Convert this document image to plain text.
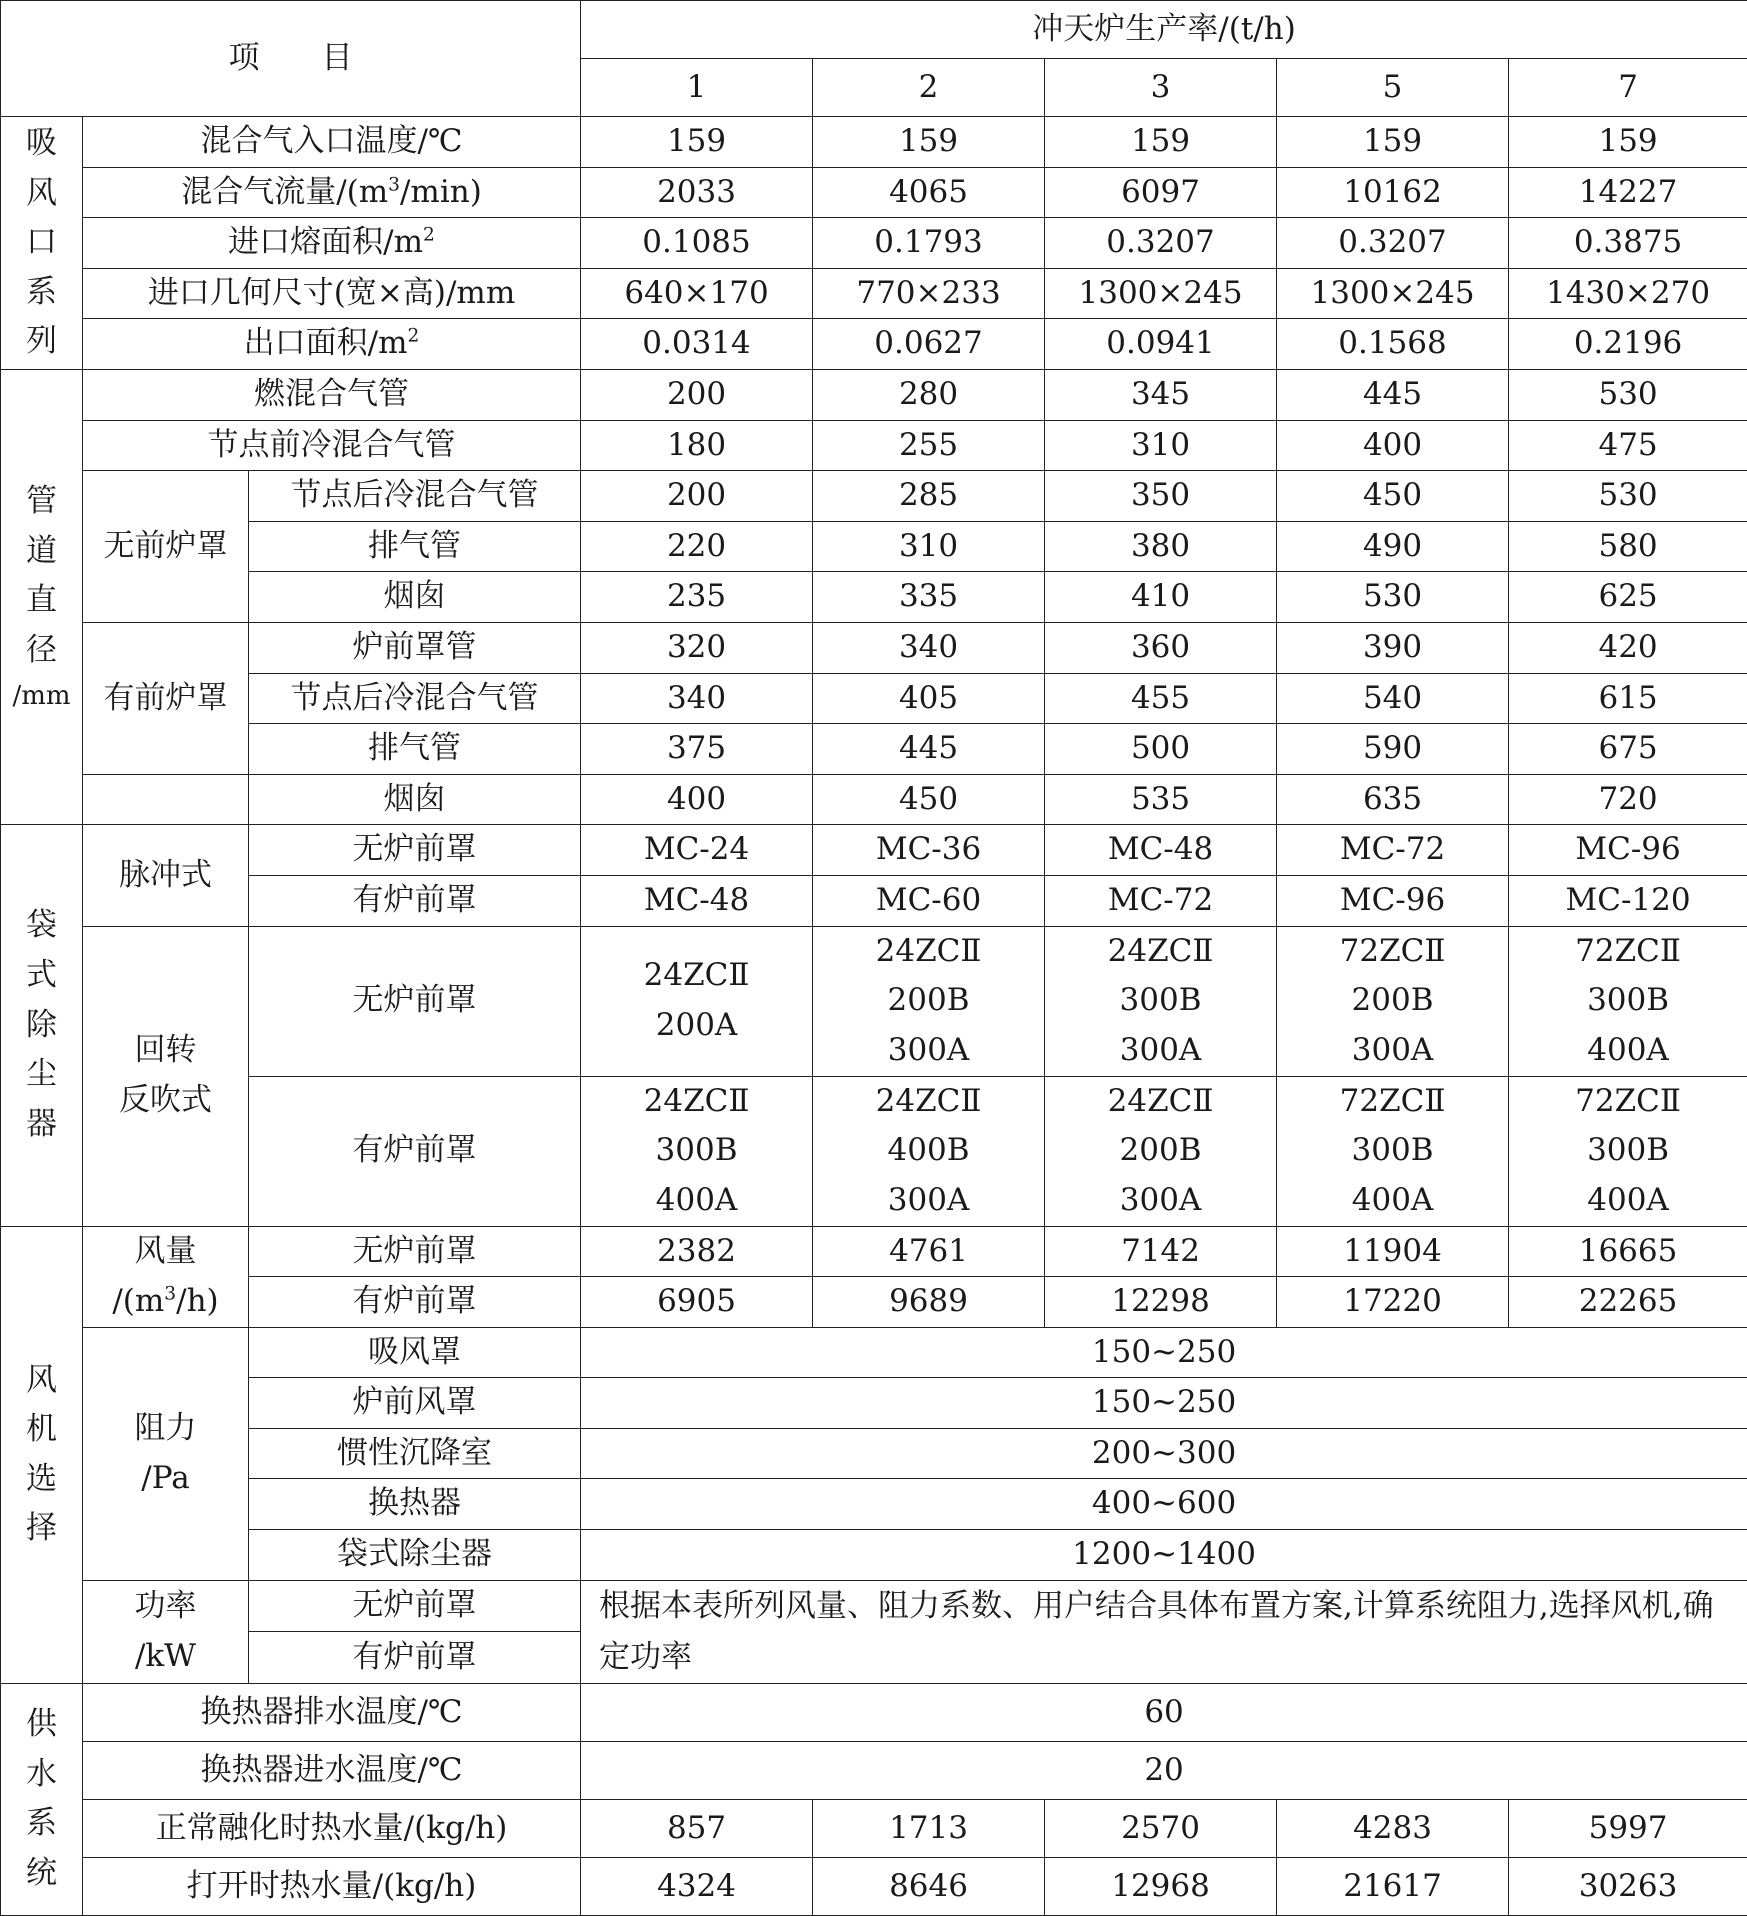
项　　目			冲天炉生产率/(t/h)				
			1	2	3	5	7

吸
风
口
系
列	混合气入口温度/℃		159	159	159	159	159
	混合气流量$/(m^3/\min)$		2033	4065	6097	10162	14227
	进口熔面积$/m^2$		0.1085	0.1793	0.3207	0.3207	0.3875
	进口几何尺寸(宽×高)/mm		640×170	770×233	1300×245	1300×245	1430×270
	出口面积$/m^2$		0.0314	0.0627	0.0941	0.1568	0.2196

管
道
直
径
/mm	燃混合气管		200	280	345	445	530
	节点前冷混合气管		180	255	310	400	475
	无前炉罩	节点后冷混合气管	200	285	350	450	530
		排气管	220	310	380	490	580
		烟囱	235	335	410	530	625
	有前炉罩	炉前罩管	320	340	360	390	420
		节点后冷混合气管	340	405	455	540	615
		排气管	375	445	500	590	675
		烟囱	400	450	535	635	720

袋
式
除
尘
器	脉冲式	无炉前罩	MC-24	MC-36	MC-48	MC-72	MC-96
		有炉前罩	MC-48	MC-60	MC-72	MC-96	MC-120

	回转
反吹式	无炉前罩	24ZCⅡ
200A	24ZCⅡ
200B
300A	24ZCⅡ
300B
300A	72ZCⅡ
200B
300A	72ZCⅡ
300B
400A

		有炉前罩	24ZCⅡ
300B
400A	24ZCⅡ
400B
300A	24ZCⅡ
200B
300A	72ZCⅡ
300B
400A	72ZCⅡ
300B
400A

风
机
选
择	风量
$/(m^3/h)$	无炉前罩	2382	4761	7142	11904	16665
		有炉前罩	6905	9689	12298	17220	22265

	阻力
/Pa	吸风罩	150~250				
		炉前风罩	150~250				
		惯性沉降室	200~300				
		换热器	400~600				
		袋式除尘器	1200~1400				

	功率
/kW	无炉前罩	根据本表所列风量、阻力系数、用户结合具体布置方案,计算系统阻力,选择风机,确定功率				
		有炉前罩					

供
水
系
统	换热器排水温度/℃		60				
	换热器进水温度/℃		20				
	正常融化时热水量/(kg/h)		857	1713	2570	4283	5997
	打开时热水量/(kg/h)		4324	8646	12968	21617	30263
